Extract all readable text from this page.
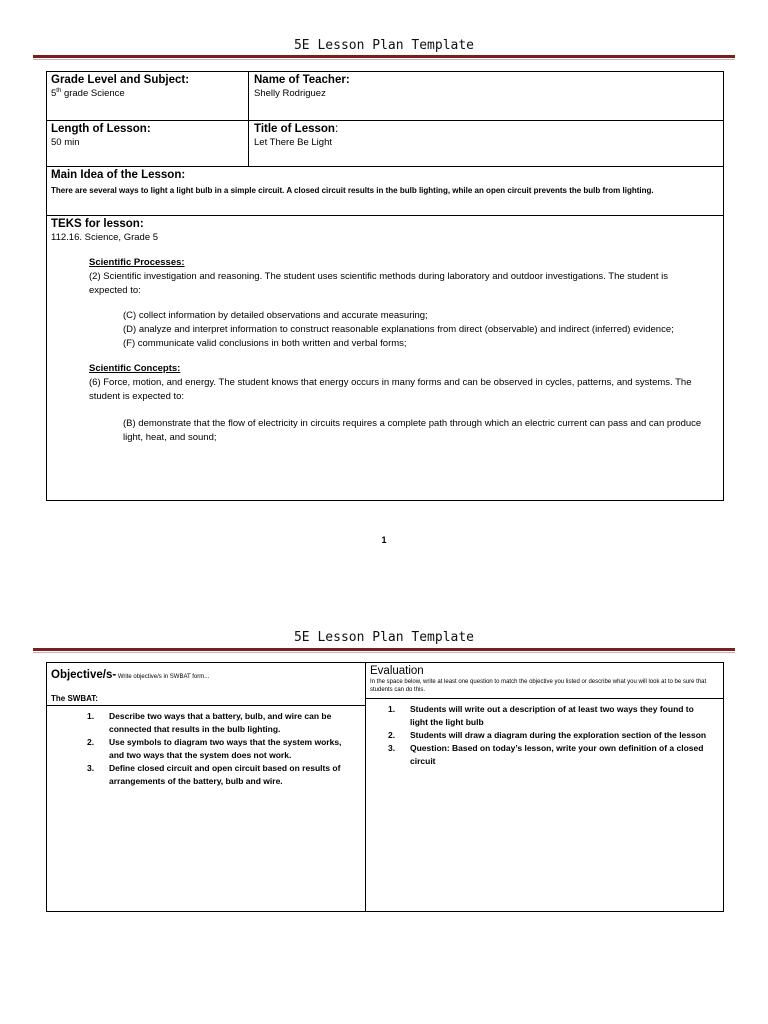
5E Lesson Plan Template
Grade Level and Subject:
5th grade Science
Name of Teacher:
Shelly Rodriguez
Length of Lesson:
50 min
Title of Lesson:
Let There Be Light
Main Idea of the Lesson:
There are several ways to light a light bulb in a simple circuit. A closed circuit results in the bulb lighting, while an open circuit prevents the bulb from lighting.
TEKS for lesson:
112.16. Science, Grade 5
Scientific Processes:
(2) Scientific investigation and reasoning. The student uses scientific methods during laboratory and outdoor investigations. The student is expected to:
(C) collect information by detailed observations and accurate measuring;
(D) analyze and interpret information to construct reasonable explanations from direct (observable) and indirect (inferred) evidence;
(F) communicate valid conclusions in both written and verbal forms;
Scientific Concepts:
(6) Force, motion, and energy. The student knows that energy occurs in many forms and can be observed in cycles, patterns, and systems. The student is expected to:
(B) demonstrate that the flow of electricity in circuits requires a complete path through which an electric current can pass and can produce light, heat, and sound;
1
5E Lesson Plan Template
Objective/s- Write objective/s in SWBAT form...
The SWBAT:
1.	Describe two ways that a battery, bulb, and wire can be connected that results in the bulb lighting.
2.	Use symbols to diagram two ways that the system works, and two ways that the system does not work.
3.	Define closed circuit and open circuit based on results of arrangements of the battery, bulb and wire.
Evaluation
In the space below, write at least one question to match the objective you listed or describe what you will look at to be sure that students can do this.
1.	Students will write out a description of at least two ways they found to light the light bulb
2.	Students will draw a diagram during the exploration section of the lesson
3.	Question: Based on today’s lesson, write your own definition of a closed circuit
